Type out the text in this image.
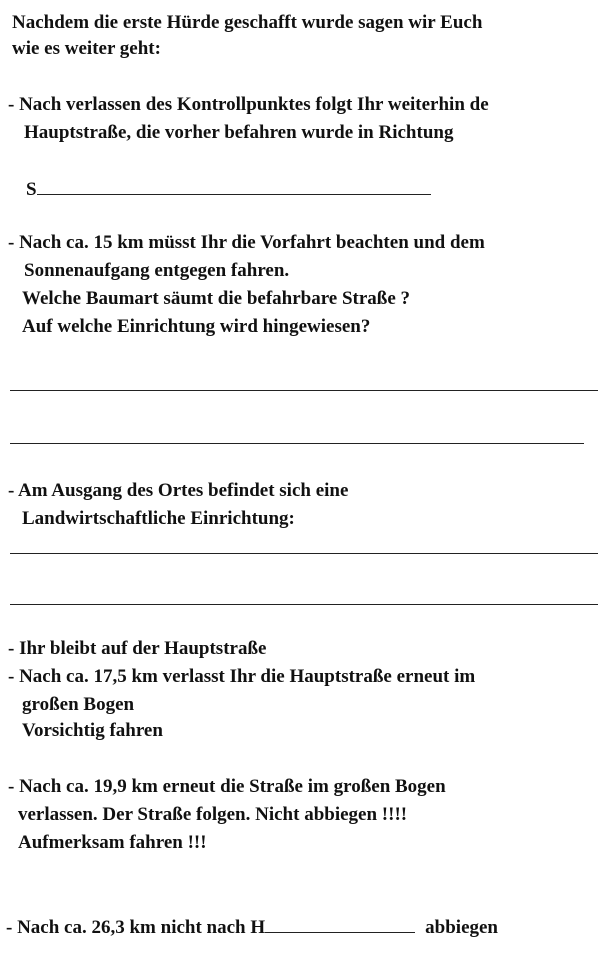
Nachdem die erste Hürde geschafft wurde sagen wir Euch
wie es weiter geht:
- Nach verlassen des Kontrollpunktes folgt Ihr weiterhin de
Hauptstraße, die vorher befahren wurde in Richtung
S
- Nach ca. 15 km müsst Ihr die Vorfahrt beachten und dem
Sonnenaufgang entgegen fahren.
Welche Baumart säumt die befahrbare Straße ?
Auf welche Einrichtung wird hingewiesen?
- Am Ausgang des Ortes befindet sich eine
Landwirtschaftliche Einrichtung:
- Ihr bleibt auf der Hauptstraße
- Nach ca. 17,5 km verlasst Ihr die Hauptstraße erneut im
großen Bogen
Vorsichtig fahren
- Nach ca. 19,9 km erneut die Straße im großen Bogen
verlassen. Der Straße folgen. Nicht abbiegen !!!!
Aufmerksam fahren !!!
- Nach ca. 26,3 km nicht nach H	abbiegen
